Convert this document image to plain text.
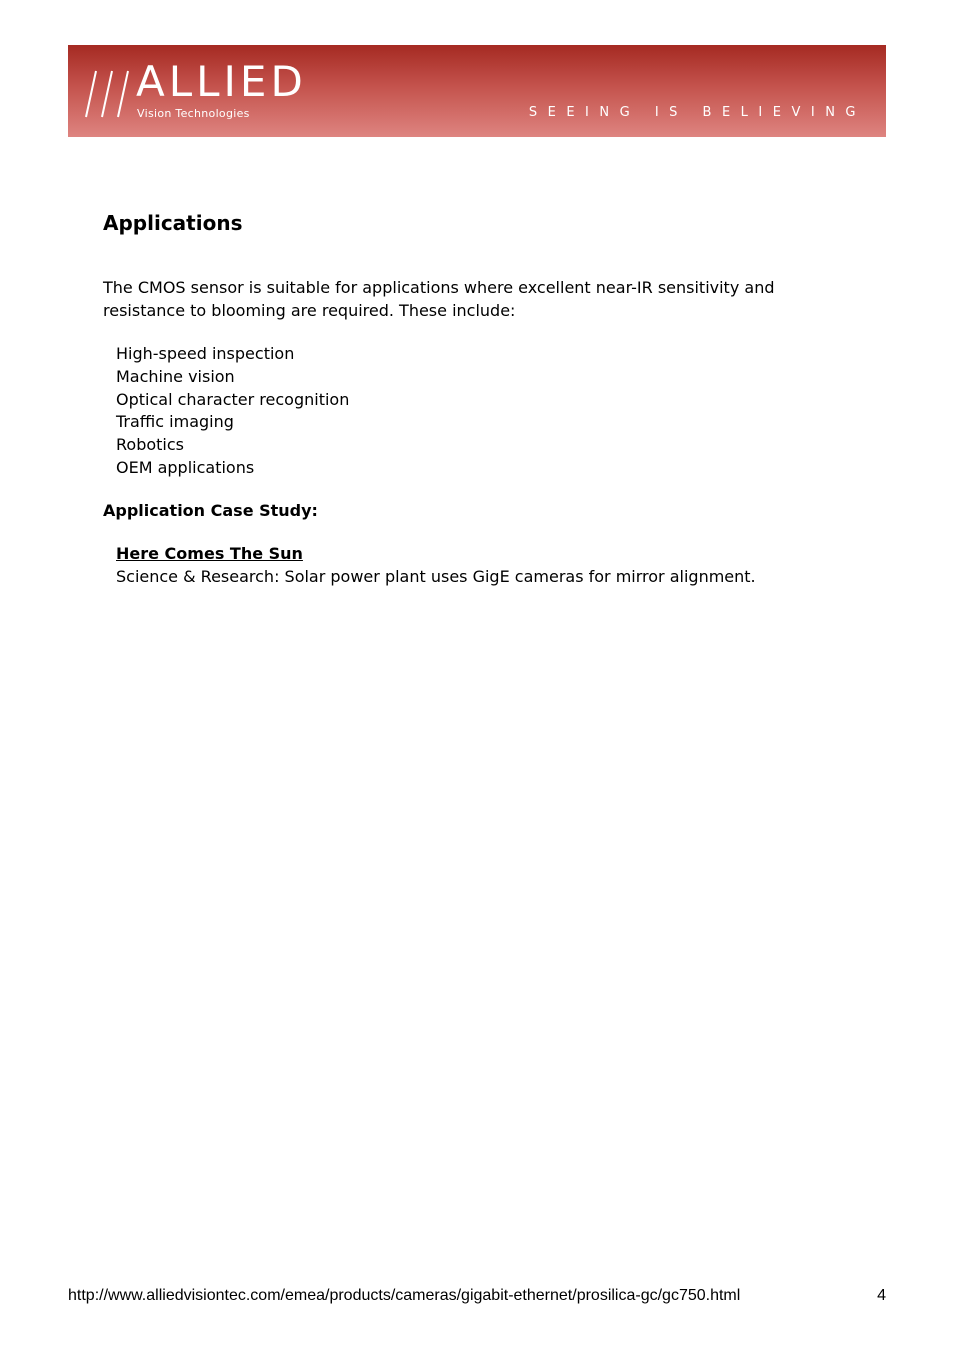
ALLIED
Vision Technologies	SEEING IS BELIEVING
Applications

The CMOS sensor is suitable for applications where excellent near-IR sensitivity and resistance to blooming are required. These include:

High-speed inspection
Machine vision
Optical character recognition
Traffic imaging
Robotics
OEM applications
Application Case Study:
Here Comes The Sun
Science & Research: Solar power plant uses GigE cameras for mirror alignment.
http://www.alliedvisiontec.com/emea/products/cameras/gigabit-ethernet/prosilica-gc/gc750.html	4
